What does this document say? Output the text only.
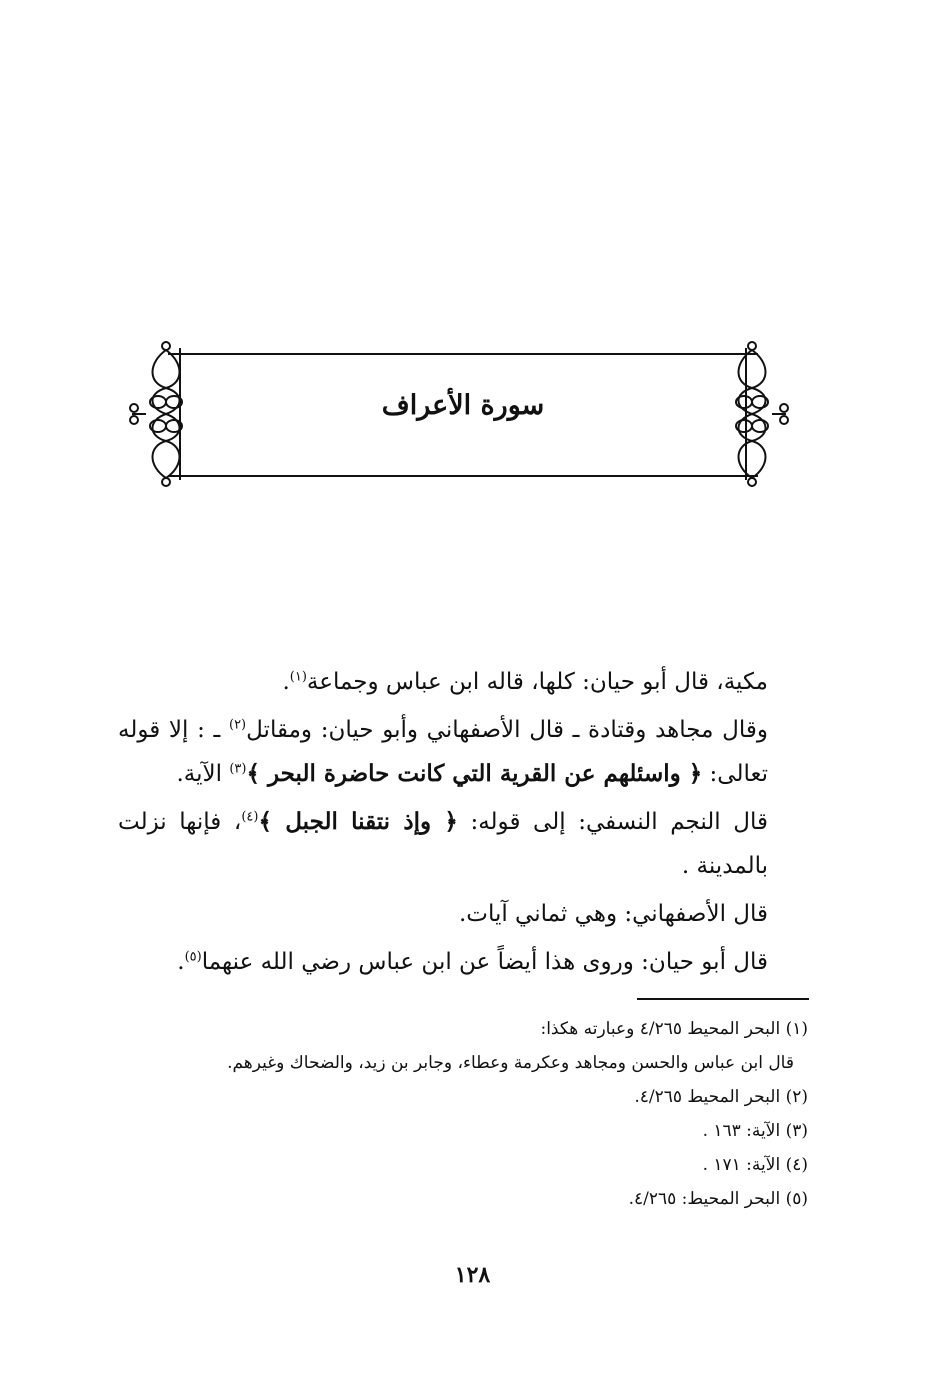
سورة الأعراف

مكية، قال أبو حيان: كلها، قاله ابن عباس وجماعة$^{(١)}$.

وقال مجاهد وقتادة ـ قال الأصفهاني وأبو حيان: ومقاتل$^{(٢)}$ ـ : إلا قوله تعالى: ﴿ واسئلهم عن القرية التي كانت حاضرة البحر ﴾$^{(٣)}$ الآية.

قال النجم النسفي: إلى قوله: ﴿ وإذ نتقنا الجبل ﴾$^{(٤)}$، فإنها نزلت بالمدينة .

قال الأصفهاني: وهي ثماني آيات.

قال أبو حيان: وروى هذا أيضاً عن ابن عباس رضي الله عنهما$^{(٥)}$.

(١) البحر المحيط ٤/٢٦٥ وعبارته هكذا:

قال ابن عباس والحسن ومجاهد وعكرمة وعطاء، وجابر بن زيد، والضحاك وغيرهم.

(٢) البحر المحيط ٤/٢٦٥.

(٣) الآية: ١٦٣ .

(٤) الآية: ١٧١ .

(٥) البحر المحيط: ٤/٢٦٥.

١٢٨
